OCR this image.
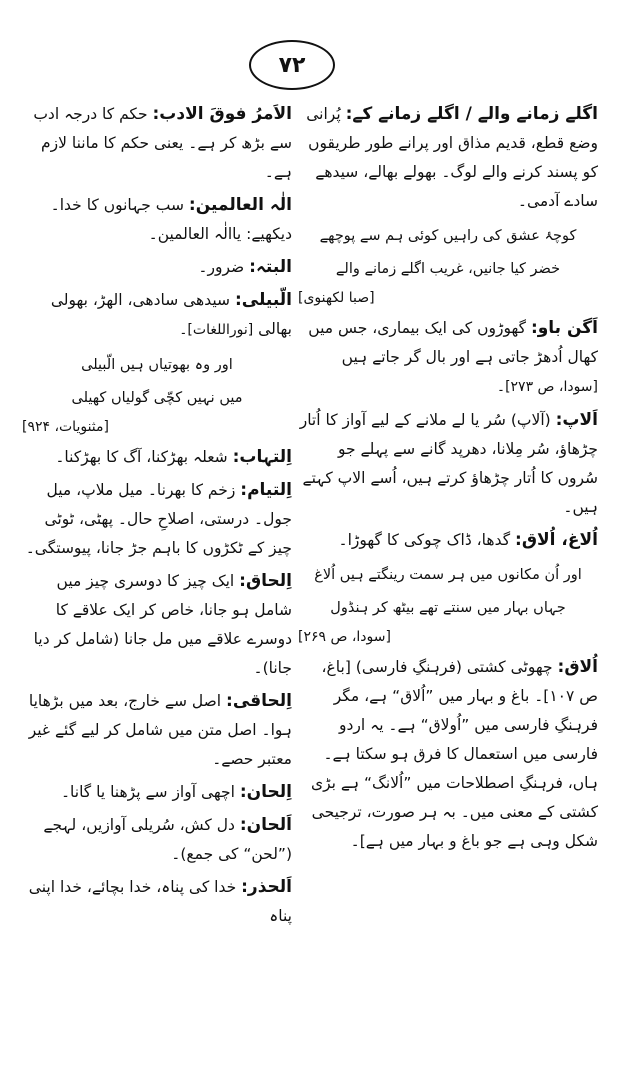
۷۲
اگلے زمانے والے / اگلے زمانے کے: پُرانی وضع قطع، قدیم مذاق اور پرانے طور طریقوں کو پسند کرنے والے لوگ۔ بھولے بھالے، سیدھے سادے آدمی۔
کوچۂ عشق کی راہیں کوئی ہم سے پوچھے
خضر کیا جانیں، غریب اگلے زمانے والے
[صبا لکھنوی]
اَگن باو: گھوڑوں کی ایک بیماری، جس میں کھال اُدھڑ جاتی ہے اور بال گر جاتے ہیں [سودا، ص ۲۷۳]۔
اَلاپ: (آلاپ) سُر یا لے ملانے کے لیے آواز کا اُتار چڑھاؤ، سُر مِلانا، دھرپد گانے سے پہلے جو سُروں کا اُتار چڑھاؤ کرتے ہیں، اُسے الاپ کہتے ہیں۔
اُلاغ، اُلاق: گدھا، ڈاک چوکی کا گھوڑا۔
اور اُن مکانوں میں ہر سمت رینگتے ہیں اُلاغ
جہاں بہار میں سنتے تھے بیٹھ کر ہنڈول
[سودا، ص ۲۶۹]
اُلاق: چھوٹی کشتی (فرہنگِ فارسی) [باغ، ص ۱۰۷]۔ باغ و بہار میں ”اُلاق“ ہے، مگر فرہنگِ فارسی میں ”اُولاق“ ہے۔ یہ اردو فارسی میں استعمال کا فرق ہو سکتا ہے۔ ہاں، فرہنگِ اصطلاحات میں ”اُلانگ“ ہے بڑی کشتی کے معنی میں۔ بہ ہر صورت، ترجیحی شکل وہی ہے جو باغ و بہار میں ہے]۔
الاَمرُ فوقَ الادب: حکم کا درجہ ادب سے بڑھ کر ہے۔ یعنی حکم کا ماننا لازم ہے۔
الٰہ العالمین: سب جہانوں کا خدا۔ دیکھیے: یاالٰہ العالمین۔
البتہ: ضرور۔
الّبیلی: سیدھی سادھی، الھڑ، بھولی بھالی [نوراللغات]۔
اور وہ بھوتیاں ہیں الّبیلی
میں نہیں کچّی گولیاں کھیلی
[مثنویات، ۹۲۴]
اِلتہاب: شعلہ بھڑکنا، آگ کا بھڑکنا۔
اِلتیام: زخم کا بھرنا۔ میل ملاپ، میل جول۔ درستی، اصلاحِ حال۔ پھٹی، ٹوٹی چیز کے ٹکڑوں کا باہم جڑ جانا، پیوستگی۔
اِلحاق: ایک چیز کا دوسری چیز میں شامل ہو جانا، خاص کر ایک علاقے کا دوسرے علاقے میں مل جانا (شامل کر دیا جانا)۔
اِلحاقی: اصل سے خارج، بعد میں بڑھایا ہوا۔ اصل متن میں شامل کر لیے گئے غیر معتبر حصے۔
اِلحان: اچھی آواز سے پڑھنا یا گانا۔
اَلحان: دل کش، سُریلی آوازیں، لہجے (”لحن“ کی جمع)۔
اَلحذر: خدا کی پناہ، خدا بچائے، خدا اپنی پناہ
